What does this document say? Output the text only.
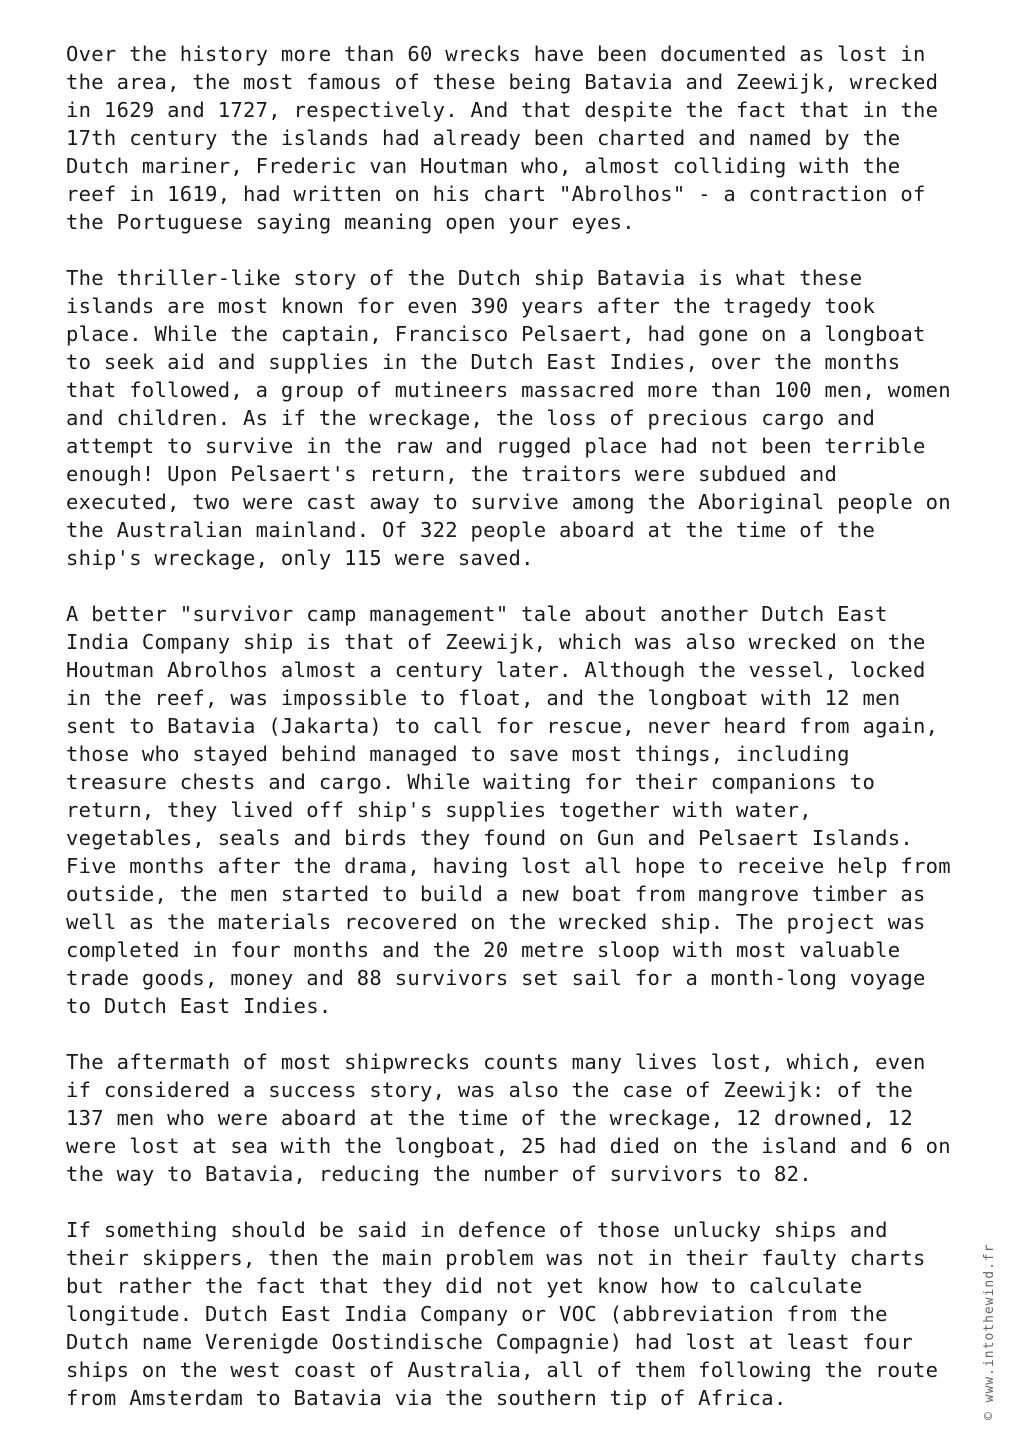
Over the history more than 60 wrecks have been documented as lost in the area, the most famous of these being Batavia and Zeewijk, wrecked in 1629 and 1727, respectively. And that despite the fact that in the 17th century the islands had already been charted and named by the Dutch mariner, Frederic van Houtman who, almost colliding with the reef in 1619, had written on his chart "Abrolhos" - a contraction of the Portuguese saying meaning open your eyes.

The thriller-like story of the Dutch ship Batavia is what these islands are most known for even 390 years after the tragedy took place. While the captain, Francisco Pelsaert, had gone on a longboat to seek aid and supplies in the Dutch East Indies, over the months that followed, a group of mutineers massacred more than 100 men, women and children. As if the wreckage, the loss of precious cargo and attempt to survive in the raw and rugged place had not been terrible enough! Upon Pelsaert's return, the traitors were subdued and executed, two were cast away to survive among the Aboriginal people on the Australian mainland. Of 322 people aboard at the time of the ship's wreckage, only 115 were saved.

A better "survivor camp management" tale about another Dutch East India Company ship is that of Zeewijk, which was also wrecked on the Houtman Abrolhos almost a century later. Although the vessel, locked in the reef, was impossible to float, and the longboat with 12 men sent to Batavia (Jakarta) to call for rescue, never heard from again, those who stayed behind managed to save most things, including treasure chests and cargo. While waiting for their companions to return, they lived off ship's supplies together with water, vegetables, seals and birds they found on Gun and Pelsaert Islands. Five months after the drama, having lost all hope to receive help from outside, the men started to build a new boat from mangrove timber as well as the materials recovered on the wrecked ship. The project was completed in four months and the 20 metre sloop with most valuable trade goods, money and 88 survivors set sail for a month-long voyage to Dutch East Indies.

The aftermath of most shipwrecks counts many lives lost, which, even if considered a success story, was also the case of Zeewijk: of the 137 men who were aboard at the time of the wreckage, 12 drowned, 12 were lost at sea with the longboat, 25 had died on the island and 6 on the way to Batavia, reducing the number of survivors to 82.

If something should be said in defence of those unlucky ships and their skippers, then the main problem was not in their faulty charts but rather the fact that they did not yet know how to calculate longitude. Dutch East India Company or VOC (abbreviation from the Dutch name Verenigde Oostindische Compagnie) had lost at least four ships on the west coast of Australia, all of them following the route from Amsterdam to Batavia via the southern tip of Africa.	© www.intothewind.fr
